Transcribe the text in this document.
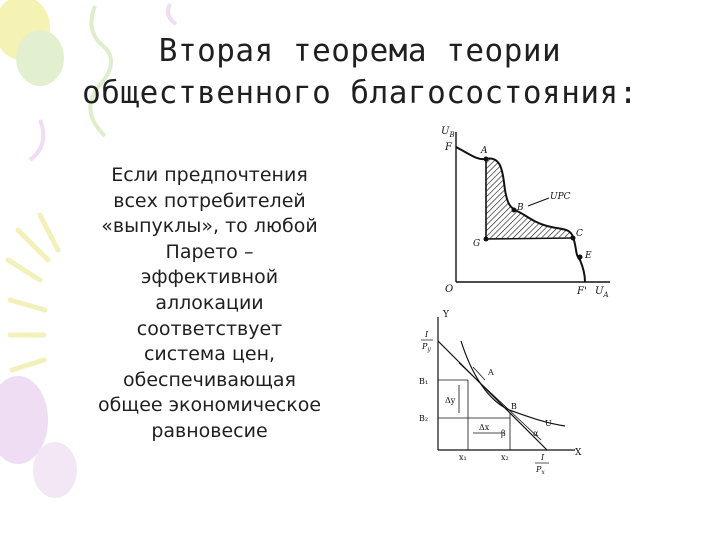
Вторая теорема теории
общественного благосостояния:
Если предпочтения
всех потребителей
«выпуклы», то любой
Парето –
эффективной
аллокации
соответствует
система цен,
обеспечивающая
общее экономическое
равновесие
$U_B$
F
O	F' $U_A$
A
B
UPC
C
E
G
Y
X
I
$P_y$
B₁
B₂
Δy
Δx
A
B
β	α
U
x₁	x₂	I
$P_x$
